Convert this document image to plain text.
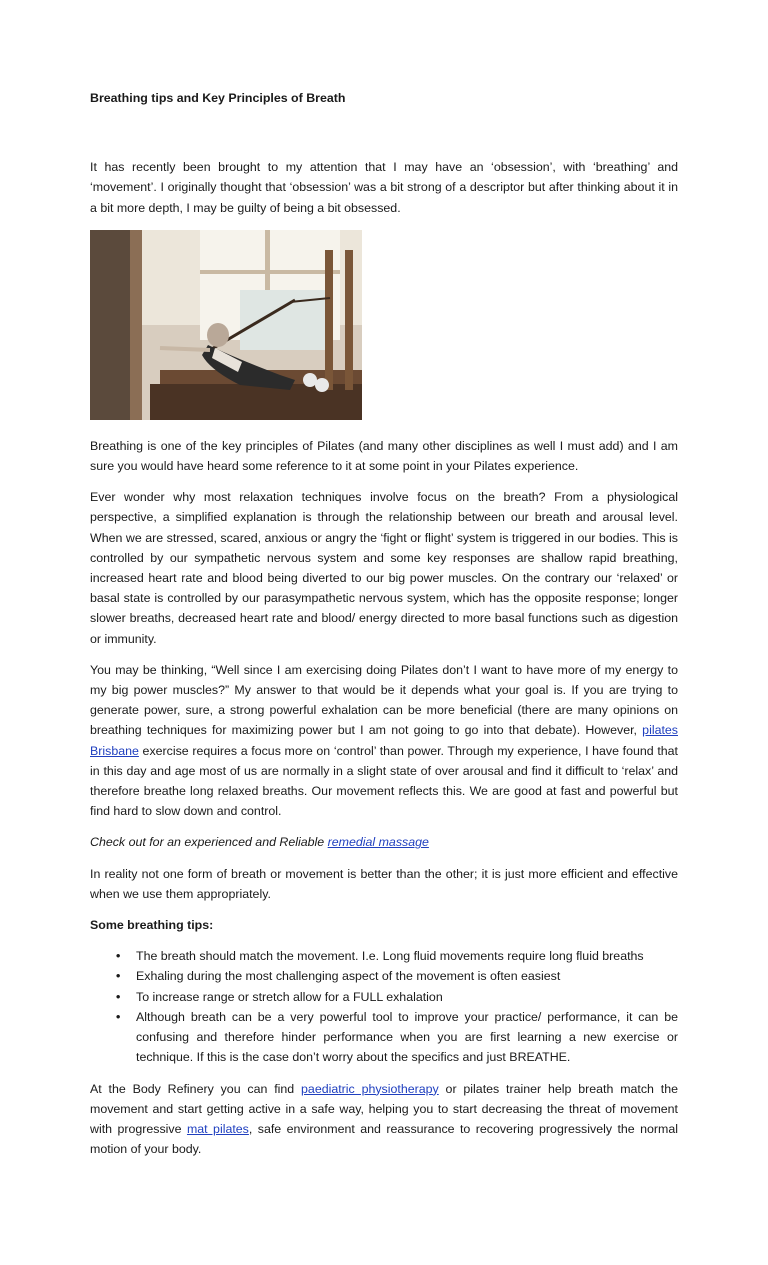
Breathing tips and Key Principles of Breath

It has recently been brought to my attention that I may have an ‘obsession’, with ‘breathing’ and ‘movement’. I originally thought that ‘obsession’ was a bit strong of a descriptor but after thinking about it in a bit more depth, I may be guilty of being a bit obsessed.

Breathing is one of the key principles of Pilates (and many other disciplines as well I must add) and I am sure you would have heard some reference to it at some point in your Pilates experience.

Ever wonder why most relaxation techniques involve focus on the breath? From a physiological perspective, a simplified explanation is through the relationship between our breath and arousal level. When we are stressed, scared, anxious or angry the ‘fight or flight’ system is triggered in our bodies. This is controlled by our sympathetic nervous system and some key responses are shallow rapid breathing, increased heart rate and blood being diverted to our big power muscles. On the contrary our ‘relaxed’ or basal state is controlled by our parasympathetic nervous system, which has the opposite response; longer slower breaths, decreased heart rate and blood/ energy directed to more basal functions such as digestion or immunity.

You may be thinking, “Well since I am exercising doing Pilates don’t I want to have more of my energy to my big power muscles?” My answer to that would be it depends what your goal is. If you are trying to generate power, sure, a strong powerful exhalation can be more beneficial (there are many opinions on breathing techniques for maximizing power but I am not going to go into that debate). However, pilates Brisbane exercise requires a focus more on ‘control’ than power. Through my experience, I have found that in this day and age most of us are normally in a slight state of over arousal and find it difficult to ‘relax’ and therefore breathe long relaxed breaths. Our movement reflects this. We are good at fast and powerful but find hard to slow down and control.

Check out for an experienced and Reliable remedial massage

In reality not one form of breath or movement is better than the other; it is just more efficient and effective when we use them appropriately.

Some breathing tips:

• The breath should match the movement. I.e. Long fluid movements require long fluid breaths
• Exhaling during the most challenging aspect of the movement is often easiest
• To increase range or stretch allow for a FULL exhalation
• Although breath can be a very powerful tool to improve your practice/ performance, it can be confusing and therefore hinder performance when you are first learning a new exercise or technique. If this is the case don’t worry about the specifics and just BREATHE.

At the Body Refinery you can find paediatric physiotherapy or pilates trainer help breath match the movement and start getting active in a safe way, helping you to start decreasing the threat of movement with progressive mat pilates, safe environment and reassurance to recovering progressively the normal motion of your body.
